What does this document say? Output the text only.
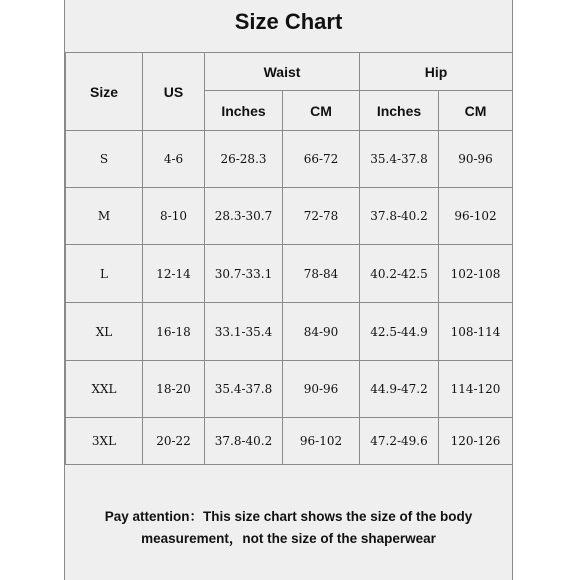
Size Chart
Size	US	Waist		Hip	
		Inches	CM	Inches	CM
S	4-6	26-28.3	66-72	35.4-37.8	90-96
M	8-10	28.3-30.7	72-78	37.8-40.2	96-102
L	12-14	30.7-33.1	78-84	40.2-42.5	102-108
XL	16-18	33.1-35.4	84-90	42.5-44.9	108-114
XXL	18-20	35.4-37.8	90-96	44.9-47.2	114-120
3XL	20-22	37.8-40.2	96-102	47.2-49.6	120-126
Pay attention：This size chart shows the size of the body
measurement，not the size of the shaperwear
